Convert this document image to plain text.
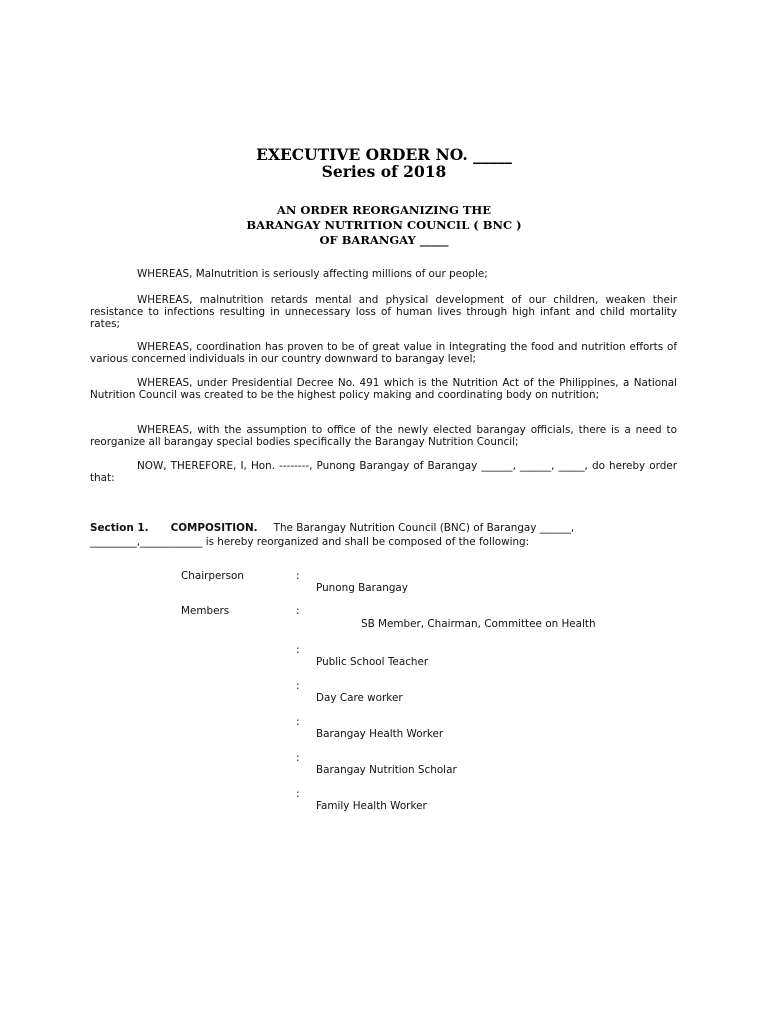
EXECUTIVE ORDER NO. _____
Series of 2018
AN ORDER REORGANIZING THE
BARANGAY NUTRITION COUNCIL ( BNC )
OF BARANGAY _____

WHEREAS, Malnutrition is seriously affecting millions of our people;

WHEREAS, malnutrition retards mental and physical development of our children, weaken their resistance to infections resulting in unnecessary loss of human lives through high infant and child mortality rates;

WHEREAS, coordination has proven to be of great value in integrating the food and nutrition efforts of various concerned individuals in our country downward to barangay level;

WHEREAS, under Presidential Decree No. 491 which is the Nutrition Act of the Philippines, a National Nutrition Council was created to be the highest policy making and coordinating body on nutrition;

WHEREAS, with the assumption to office of the newly elected barangay officials, there is a need to reorganize all barangay special bodies specifically the Barangay Nutrition Council;

NOW, THEREFORE, I, Hon. --------, Punong Barangay of Barangay ______, ______, _____, do hereby order that:

Section 1. COMPOSITION. The Barangay Nutrition Council (BNC) of Barangay ______, _________,____________ is hereby reorganized and shall be composed of the following:

Chairperson	:
Punong Barangay
Members	:
SB Member, Chairman, Committee on Health
:
Public School Teacher
:
Day Care worker
:
Barangay Health Worker
:
Barangay Nutrition Scholar
:
Family Health Worker
